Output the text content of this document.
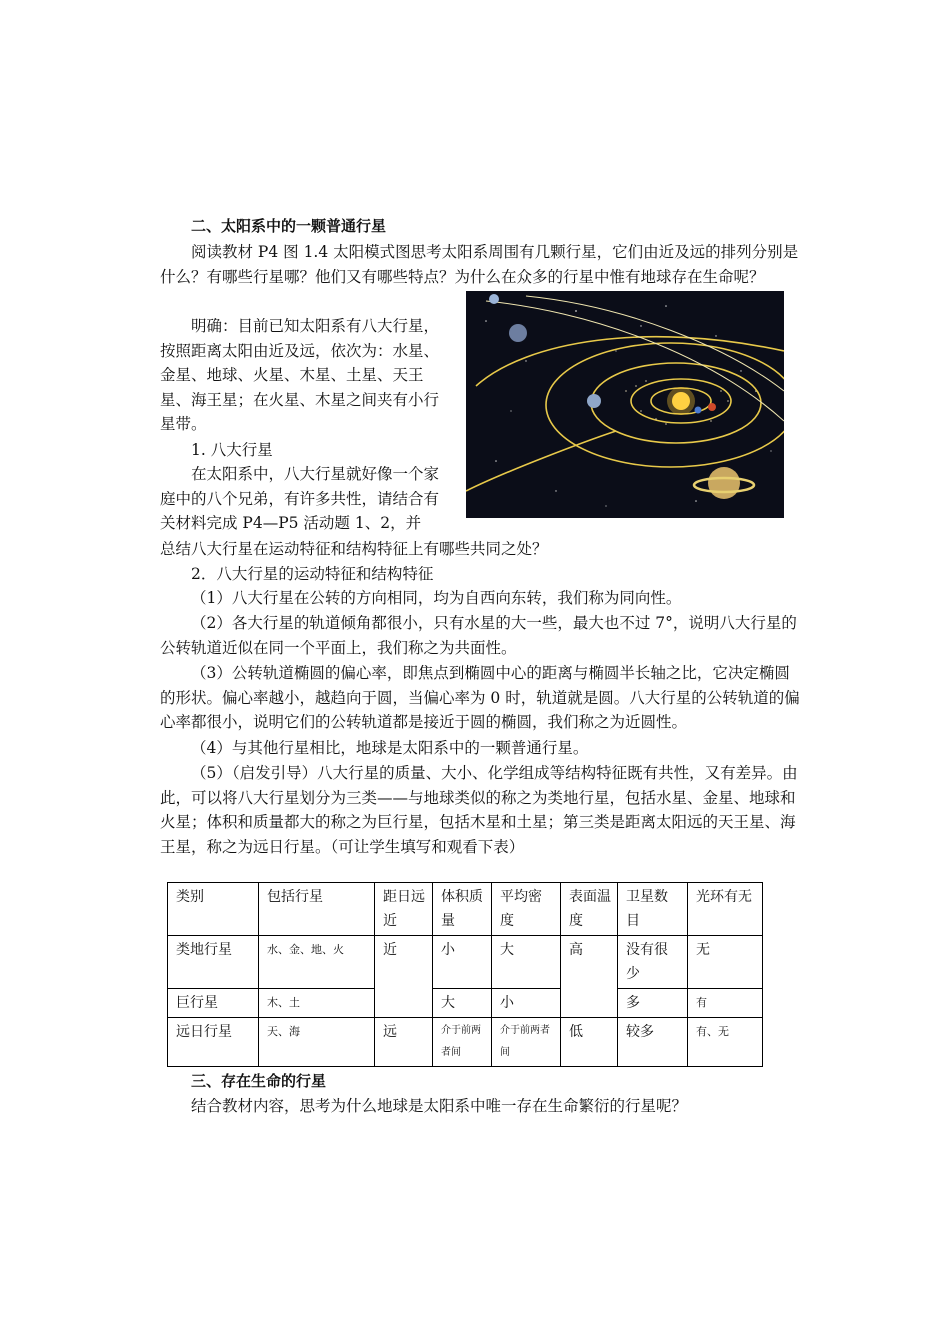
二、太阳系中的一颗普通行星

阅读教材 P4 图 1.4 太阳模式图思考太阳系周围有几颗行星，它们由近及远的排列分别是什么？有哪些行星哪？他们又有哪些特点？为什么在众多的行星中惟有地球存在生命呢？

明确：目前已知太阳系有八大行星，按照距离太阳由近及远，依次为：水星、金星、地球、火星、木星、土星、天王星、海王星；在火星、木星之间夹有小行星带。

1. 八大行星

在太阳系中，八大行星就好像一个家庭中的八个兄弟，有许多共性，请结合有关材料完成 P4—P5 活动题 1、2，并

总结八大行星在运动特征和结构特征上有哪些共同之处？

2．八大行星的运动特征和结构特征

（1）八大行星在公转的方向相同，均为自西向东转，我们称为同向性。

（2）各大行星的轨道倾角都很小，只有水星的大一些，最大也不过 7°，说明八大行星的公转轨道近似在同一个平面上，我们称之为共面性。

（3）公转轨道椭圆的偏心率，即焦点到椭圆中心的距离与椭圆半长轴之比，它决定椭圆的形状。偏心率越小，越趋向于圆，当偏心率为 0 时，轨道就是圆。八大行星的公转轨道的偏心率都很小，说明它们的公转轨道都是接近于圆的椭圆，我们称之为近圆性。

（4）与其他行星相比，地球是太阳系中的一颗普通行星。

（5）（启发引导）八大行星的质量、大小、化学组成等结构特征既有共性，又有差异。由此，可以将八大行星划分为三类——与地球类似的称之为类地行星，包括水星、金星、地球和火星；体积和质量都大的称之为巨行星，包括木星和土星；第三类是距离太阳远的天王星、海王星，称之为远日行星。（可让学生填写和观看下表）

类别	包括行星	距日远近	体积质量	平均密度	表面温度	卫星数目	光环有无
类地行星	水、金、地、火	近	小	大	高	没有很少	无
巨行星	木、土		大	小		多	有
远日行星	天、海	远	介于前两者间	介于前两者间	低	较多	有、无

三、存在生命的行星

结合教材内容，思考为什么地球是太阳系中唯一存在生命繁衍的行星呢？
